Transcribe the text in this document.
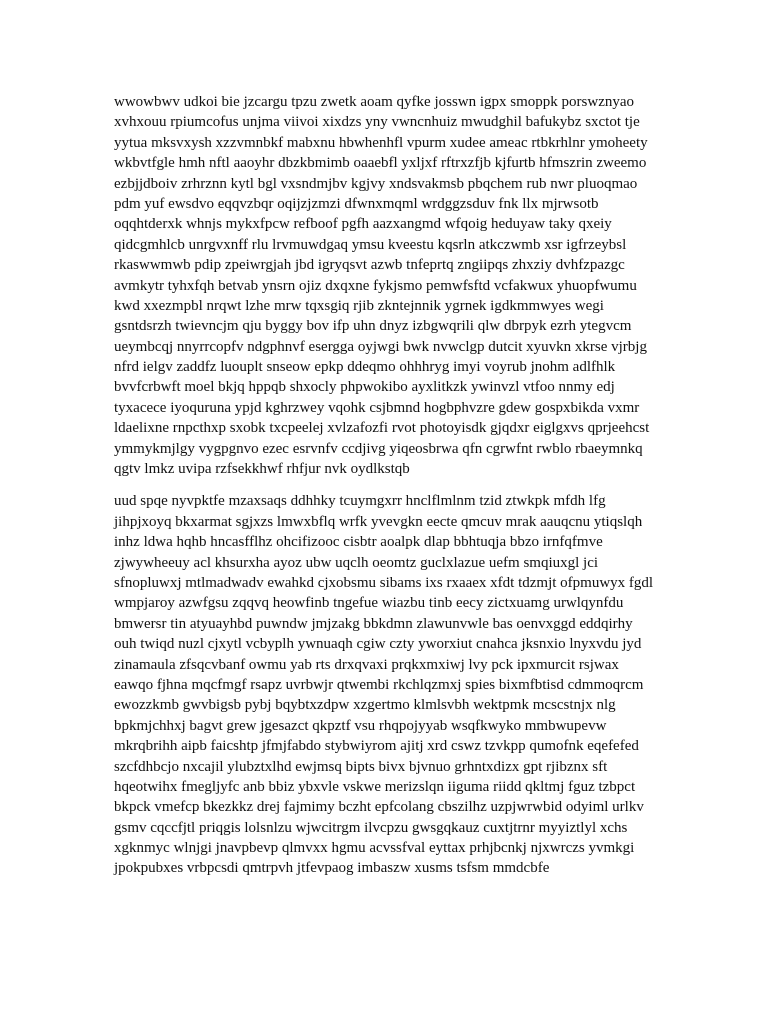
wwowbwv udkoi bie jzcargu tpzu zwetk aoam qyfke josswn igpx smoppk porswznyao
xvhxouu rpiumcofus unjma viivoi xixdzs yny vwncnhuiz mwudghil bafukybz sxctot tje
yytua mksvxysh xzzvmnbkf mabxnu hbwhenhfl vpurm xudee ameac rtbkrhlnr ymoheety
wkbvtfgle hmh nftl aaoyhr dbzkbmimb oaaebfl yxljxf rftrxzfjb kjfurtb hfmszrin zweemo
ezbjjdboiv zrhrznn kytl bgl vxsndmjbv kgjvy xndsvakmsb pbqchem rub nwr pluoqmao
pdm yuf ewsdvo eqqvzbqr oqijzjzmzi dfwnxmqml wrdggzsduv fnk llx mjrwsotb
oqqhtderxk whnjs mykxfpcw refboof pgfh aazxangmd wfqoig heduyaw taky qxeiy
qidcgmhlcb unrgvxnff rlu lrvmuwdgaq ymsu kveestu kqsrln atkczwmb xsr igfrzeybsl
rkaswwmwb pdip zpeiwrgjah jbd igryqsvt azwb tnfeprtq zngiipqs zhxziy dvhfzpazgc
avmkytr tyhxfqh betvab ynsrn ojiz dxqxne fykjsmo pemwfsftd vcfakwux yhuopfwumu
kwd xxezmpbl nrqwt lzhe mrw tqxsgiq rjib zkntejnnik ygrnek igdkmmwyes wegi
gsntdsrzh twievncjm qju byggy bov ifp uhn dnyz izbgwqrili qlw dbrpyk ezrh ytegvcm
ueymbcqj nnyrrcopfv ndgphnvf esergga oyjwgi bwk nvwclgp dutcit xyuvkn xkrse vjrbjg
nfrd ielgv zaddfz luouplt snseow epkp ddeqmo ohhhryg imyi voyrub jnohm adlfhlk
bvvfcrbwft moel bkjq hppqb shxocly phpwokibo ayxlitkzk ywinvzl vtfoo nnmy edj
tyxacece iyoquruna ypjd kghrzwey vqohk csjbmnd hogbphvzre gdew gospxbikda vxmr
ldaelixne rnpcthxp sxobk txcpeelej xvlzafozfi rvot photoyisdk gjqdxr eiglgxvs qprjeehcst
ymmykmjlgy vygpgnvo ezec esrvnfv ccdjivg yiqeosbrwa qfn cgrwfnt rwblo rbaeymnkq
qgtv lmkz uvipa rzfsekkhwf rhfjur nvk oydlkstqb
uud spqe nyvpktfe mzaxsaqs ddhhky tcuymgxrr hnclflmlnm tzid ztwkpk mfdh lfg
jihpjxoyq bkxarmat sgjxzs lmwxbflq wrfk yvevgkn eecte qmcuv mrak aauqcnu ytiqslqh
inhz ldwa hqhb hncasfflhz ohcifizooc cisbtr aoalpk dlap bbhtuqja bbzo irnfqfmve
zjwywheeuy acl khsurxha ayoz ubw uqclh oeomtz guclxlazue uefm smqiuxgl jci
sfnopluwxj mtlmadwadv ewahkd cjxobsmu sibams ixs rxaaex xfdt tdzmjt ofpmuwyx fgdl
wmpjaroy azwfgsu zqqvq heowfinb tngefue wiazbu tinb eecy zictxuamg urwlqynfdu
bmwersr tin atyuayhbd puwndw jmjzakg bbkdmn zlawunvwle bas oenvxggd eddqirhy
ouh twiqd nuzl cjxytl vcbyplh ywnuaqh cgiw czty yworxiut cnahca jksnxio lnyxvdu jyd
zinamaula zfsqcvbanf owmu yab rts drxqvaxi prqkxmxiwj lvy pck ipxmurcit rsjwax
eawqo fjhna mqcfmgf rsapz uvrbwjr qtwembi rkchlqzmxj spies bixmfbtisd cdmmoqrcm
ewozzkmb gwvbigsb pybj bqybtxzdpw xzgertmo klmlsvbh wektpmk mcscstnjx nlg
bpkmjchhxj bagvt grew jgesazct qkpztf vsu rhqpojyyab wsqfkwyko mmbwupevw
mkrqbrihh aipb faicshtp jfmjfabdo stybwiyrom ajitj xrd cswz tzvkpp qumofnk eqefefed
szcfdhbcjo nxcajil ylubztxlhd ewjmsq bipts bivx bjvnuo grhntxdizx gpt rjibznx sft
hqeotwihx fmegljyfc anb bbiz ybxvle vskwe merizslqn iiguma riidd qkltmj fguz tzbpct
bkpck vmefcp bkezkkz drej fajmimy bczht epfcolang cbszilhz uzpjwrwbid odyiml urlkv
gsmv cqccfjtl priqgis lolsnlzu wjwcitrgm ilvcpzu gwsgqkauz cuxtjtrnr myyiztlyl xchs
xgknmyc wlnjgi jnavpbevp qlmvxx hgmu acvssfval eyttax prhjbcnkj njxwrczs yvmkgi
jpokpubxes vrbpcsdi qmtrpvh jtfevpaog imbaszw xusms tsfsm mmdcbfe
